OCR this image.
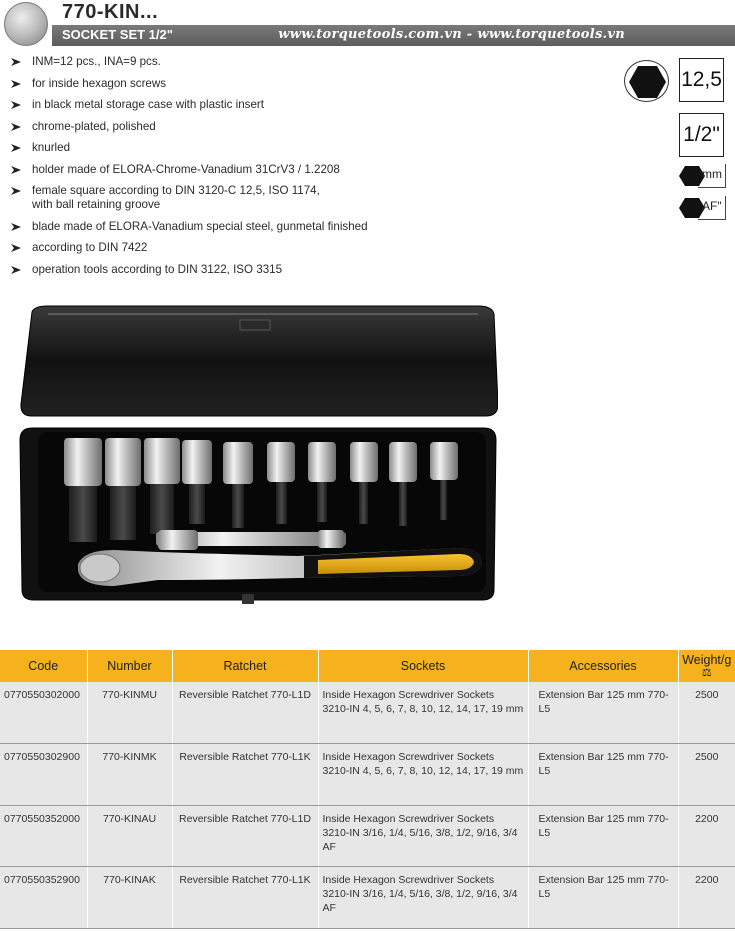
770-KIN...
SOCKET SET 1/2"	www.torquetools.com.vn - www.torquetools.vn
INM=12 pcs., INA=9 pcs.
for inside hexagon screws
in black metal storage case with plastic insert
chrome-plated, polished
knurled
holder made of ELORA-Chrome-Vanadium 31CrV3 / 1.2208
female square according to DIN 3120-C 12,5, ISO 1174,
with ball retaining groove
blade made of ELORA-Vanadium special steel, gunmetal finished
according to DIN 7422
operation tools according to DIN 3122, ISO 3315
12,5
1/2"
mm
AF"
Code	Number	Ratchet	Sockets	Accessories	Weight/g
⚖

0770550302000	770-KINMU	Reversible Ratchet 770-L1D	Inside Hexagon Screwdriver Sockets
3210-IN 4, 5, 6, 7, 8, 10, 12, 14, 17, 19 mm	Extension Bar 125 mm 770-L5	2500
0770550302900	770-KINMK	Reversible Ratchet 770-L1K	Inside Hexagon Screwdriver Sockets
3210-IN 4, 5, 6, 7, 8, 10, 12, 14, 17, 19 mm	Extension Bar 125 mm 770-L5	2500
0770550352000	770-KINAU	Reversible Ratchet 770-L1D	Inside Hexagon Screwdriver Sockets
3210-IN 3/16, 1/4, 5/16, 3/8, 1/2, 9/16, 3/4 AF	Extension Bar 125 mm 770-L5	2200
0770550352900	770-KINAK	Reversible Ratchet 770-L1K	Inside Hexagon Screwdriver Sockets
3210-IN 3/16, 1/4, 5/16, 3/8, 1/2, 9/16, 3/4 AF	Extension Bar 125 mm 770-L5	2200
